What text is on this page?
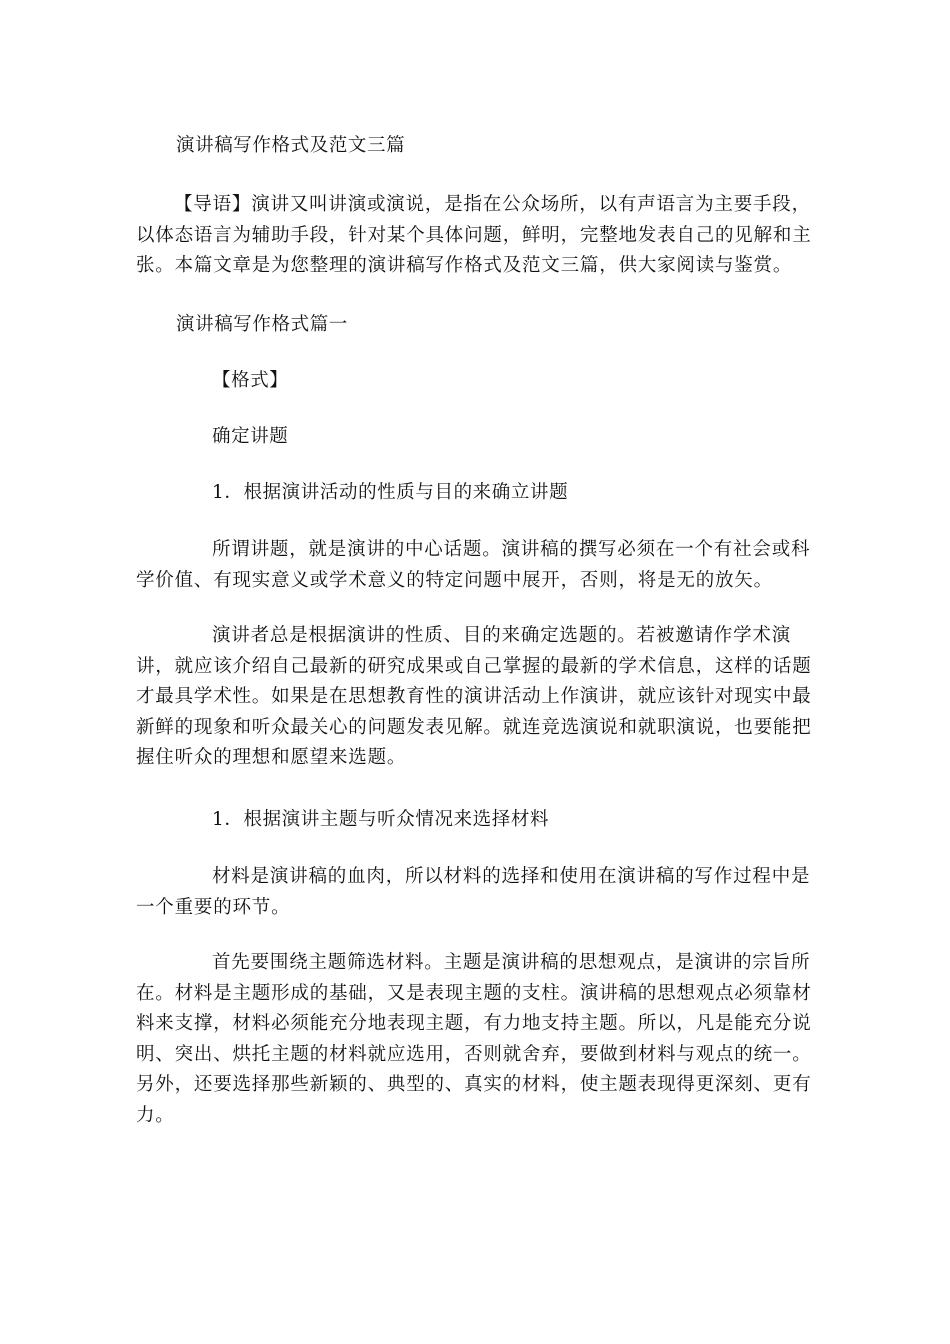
演讲稿写作格式及范文三篇
【导语】演讲又叫讲演或演说，是指在公众场所，以有声语言为主要手段，以体态语言为辅助手段，针对某个具体问题，鲜明，完整地发表自己的见解和主张。本篇文章是为您整理的演讲稿写作格式及范文三篇，供大家阅读与鉴赏。
演讲稿写作格式篇一
【格式】
确定讲题
1．根据演讲活动的性质与目的来确立讲题
所谓讲题，就是演讲的中心话题。演讲稿的撰写必须在一个有社会或科学价值、有现实意义或学术意义的特定问题中展开，否则，将是无的放矢。
演讲者总是根据演讲的性质、目的来确定选题的。若被邀请作学术演讲，就应该介绍自己最新的研究成果或自己掌握的最新的学术信息，这样的话题才最具学术性。如果是在思想教育性的演讲活动上作演讲，就应该针对现实中最新鲜的现象和听众最关心的问题发表见解。就连竞选演说和就职演说，也要能把握住听众的理想和愿望来选题。
1．根据演讲主题与听众情况来选择材料
材料是演讲稿的血肉，所以材料的选择和使用在演讲稿的写作过程中是一个重要的环节。
首先要围绕主题筛选材料。主题是演讲稿的思想观点，是演讲的宗旨所在。材料是主题形成的基础，又是表现主题的支柱。演讲稿的思想观点必须靠材料来支撑，材料必须能充分地表现主题，有力地支持主题。所以，凡是能充分说明、突出、烘托主题的材料就应选用，否则就舍弃，要做到材料与观点的统一。另外，还要选择那些新颖的、典型的、真实的材料，使主题表现得更深刻、更有力。
